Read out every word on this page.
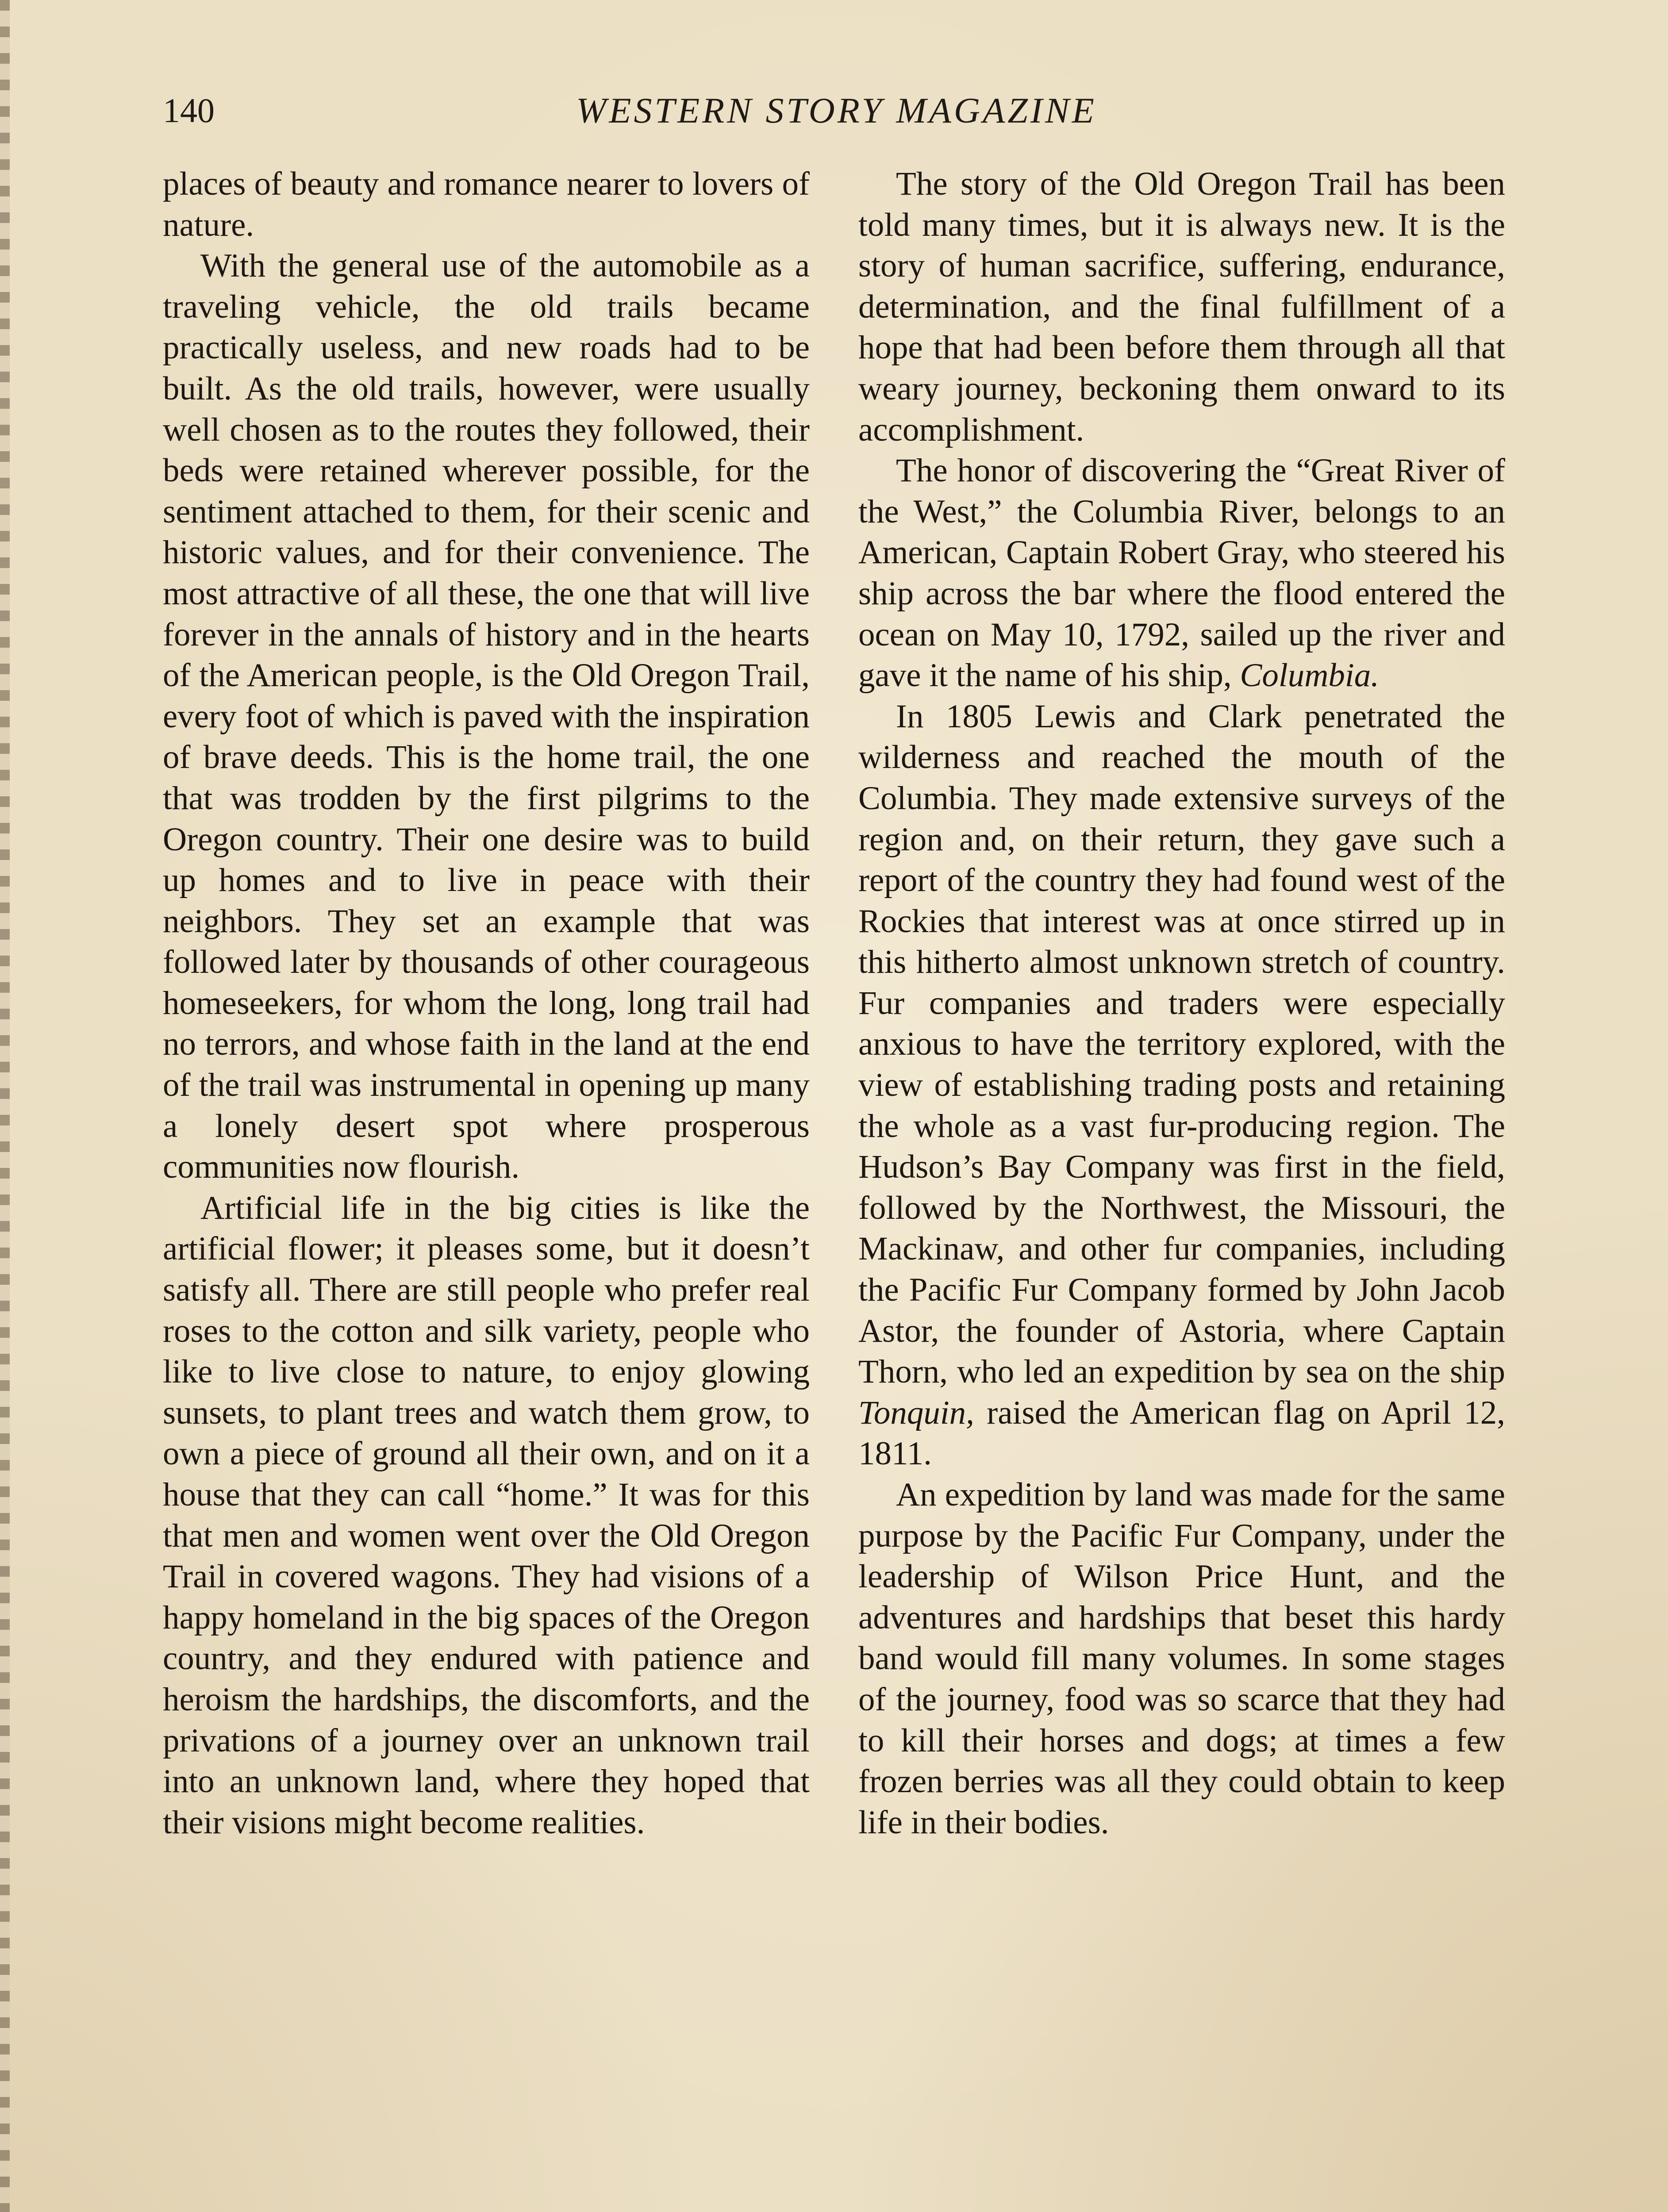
140	WESTERN STORY MAGAZINE

places of beauty and romance nearer to lovers of nature.

With the general use of the automobile as a traveling vehicle, the old trails became practically useless, and new roads had to be built. As the old trails, however, were usually well chosen as to the routes they followed, their beds were retained wherever possible, for the sentiment attached to them, for their scenic and historic values, and for their convenience. The most attractive of all these, the one that will live forever in the annals of history and in the hearts of the American people, is the Old Oregon Trail, every foot of which is paved with the inspiration of brave deeds. This is the home trail, the one that was trodden by the first pilgrims to the Oregon country. Their one desire was to build up homes and to live in peace with their neighbors. They set an example that was followed later by thousands of other courageous homeseekers, for whom the long, long trail had no terrors, and whose faith in the land at the end of the trail was instrumental in opening up many a lonely desert spot where prosperous communities now flourish.

Artificial life in the big cities is like the artificial flower; it pleases some, but it doesn’t satisfy all. There are still people who prefer real roses to the cotton and silk variety, people who like to live close to nature, to enjoy glowing sunsets, to plant trees and watch them grow, to own a piece of ground all their own, and on it a house that they can call “home.” It was for this that men and women went over the Old Oregon Trail in covered wagons. They had visions of a happy homeland in the big spaces of the Oregon country, and they endured with patience and heroism the hardships, the discomforts, and the privations of a journey over an unknown trail into an unknown land, where they hoped that their visions might become realities.

The story of the Old Oregon Trail has been told many times, but it is always new. It is the story of human sacrifice, suffering, endurance, determination, and the final fulfillment of a hope that had been before them through all that weary journey, beckoning them onward to its accomplishment.

The honor of discovering the “Great River of the West,” the Columbia River, belongs to an American, Captain Robert Gray, who steered his ship across the bar where the flood entered the ocean on May 10, 1792, sailed up the river and gave it the name of his ship, Columbia.

In 1805 Lewis and Clark penetrated the wilderness and reached the mouth of the Columbia. They made extensive surveys of the region and, on their return, they gave such a report of the country they had found west of the Rockies that interest was at once stirred up in this hitherto almost unknown stretch of country. Fur companies and traders were especially anxious to have the territory explored, with the view of establishing trading posts and retaining the whole as a vast fur-producing region. The Hudson’s Bay Company was first in the field, followed by the Northwest, the Missouri, the Mackinaw, and other fur companies, including the Pacific Fur Company formed by John Jacob Astor, the founder of Astoria, where Captain Thorn, who led an expedition by sea on the ship Tonquin, raised the American flag on April 12, 1811.

An expedition by land was made for the same purpose by the Pacific Fur Company, under the leadership of Wilson Price Hunt, and the adventures and hardships that beset this hardy band would fill many volumes. In some stages of the journey, food was so scarce that they had to kill their horses and dogs; at times a few frozen berries was all they could obtain to keep life in their bodies.
